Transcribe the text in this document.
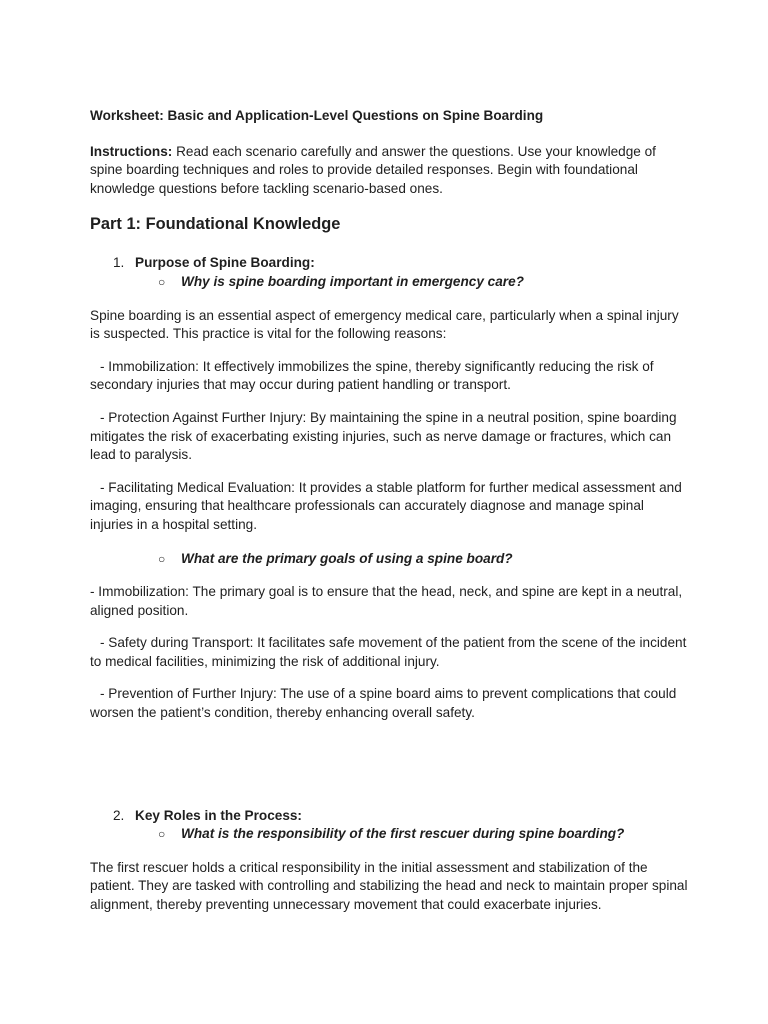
Worksheet: Basic and Application-Level Questions on Spine Boarding

Instructions: Read each scenario carefully and answer the questions. Use your knowledge of spine boarding techniques and roles to provide detailed responses. Begin with foundational knowledge questions before tackling scenario-based ones.

Part 1: Foundational Knowledge
1. Purpose of Spine Boarding:
○ Why is spine boarding important in emergency care?

Spine boarding is an essential aspect of emergency medical care, particularly when a spinal injury is suspected. This practice is vital for the following reasons:

- Immobilization: It effectively immobilizes the spine, thereby significantly reducing the risk of secondary injuries that may occur during patient handling or transport.

- Protection Against Further Injury: By maintaining the spine in a neutral position, spine boarding mitigates the risk of exacerbating existing injuries, such as nerve damage or fractures, which can lead to paralysis.

- Facilitating Medical Evaluation: It provides a stable platform for further medical assessment and imaging, ensuring that healthcare professionals can accurately diagnose and manage spinal injuries in a hospital setting.

○ What are the primary goals of using a spine board?

- Immobilization: The primary goal is to ensure that the head, neck, and spine are kept in a neutral, aligned position.

- Safety during Transport: It facilitates safe movement of the patient from the scene of the incident to medical facilities, minimizing the risk of additional injury.

- Prevention of Further Injury: The use of a spine board aims to prevent complications that could worsen the patient’s condition, thereby enhancing overall safety.

2. Key Roles in the Process:
○ What is the responsibility of the first rescuer during spine boarding?

The first rescuer holds a critical responsibility in the initial assessment and stabilization of the patient. They are tasked with controlling and stabilizing the head and neck to maintain proper spinal alignment, thereby preventing unnecessary movement that could exacerbate injuries.
